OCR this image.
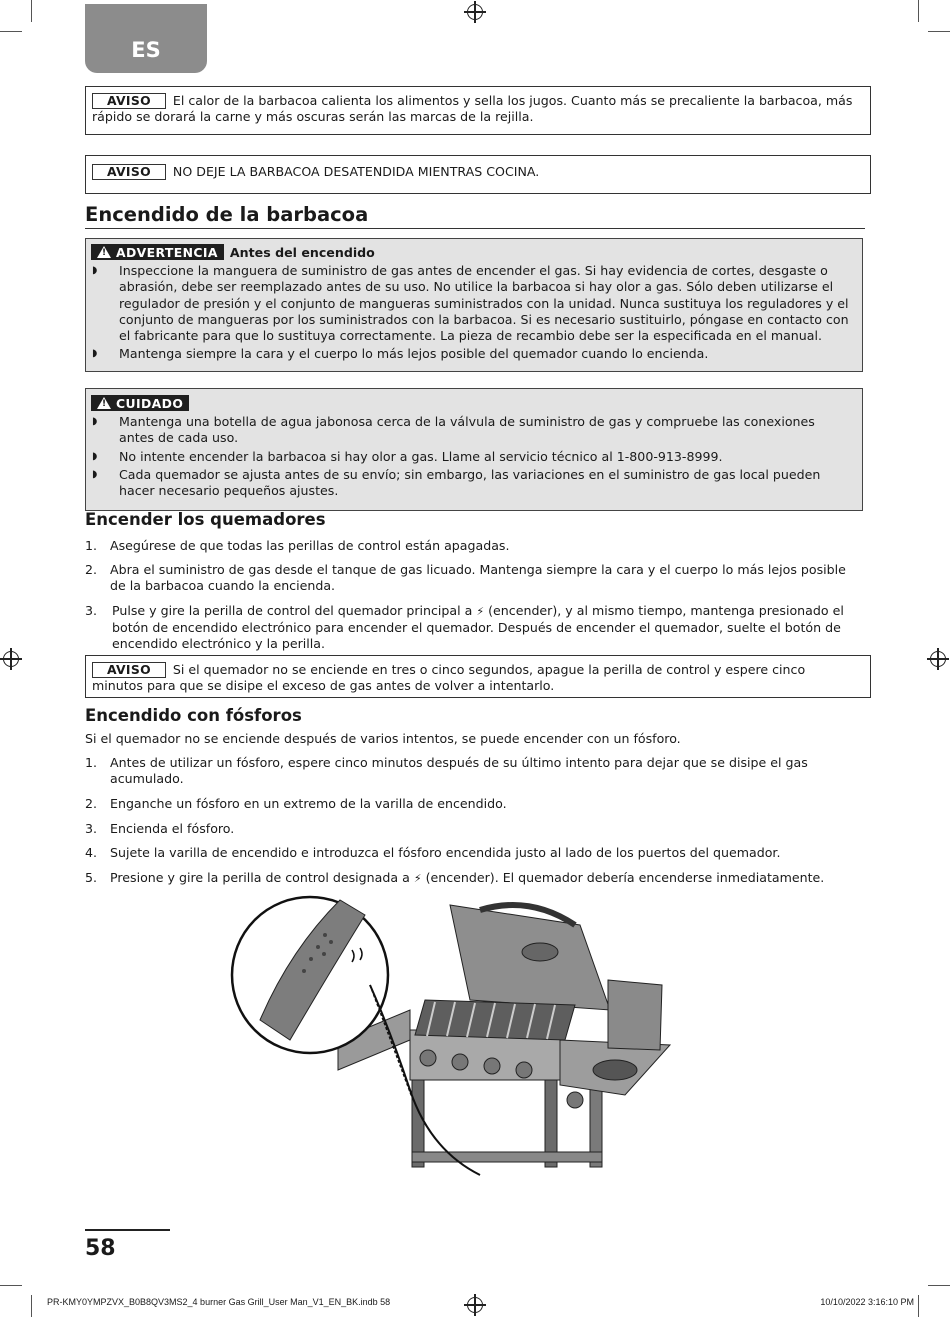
ES
AVISO El calor de la barbacoa calienta los alimentos y sella los jugos. Cuanto más se precaliente la barbacoa, más rápido se dorará la carne y más oscuras serán las marcas de la rejilla.
AVISO NO DEJE LA BARBACOA DESATENDIDA MIENTRAS COCINA.
Encendido de la barbacoa
! ADVERTENCIA Antes del encendido
◗ Inspeccione la manguera de suministro de gas antes de encender el gas. Si hay evidencia de cortes, desgaste o abrasión, debe ser reemplazado antes de su uso. No utilice la barbacoa si hay olor a gas. Sólo deben utilizarse el regulador de presión y el conjunto de mangueras suministrados con la unidad. Nunca sustituya los reguladores y el conjunto de mangueras por los suministrados con la barbacoa. Si es necesario sustituirlo, póngase en contacto con el fabricante para que lo sustituya correctamente. La pieza de recambio debe ser la especificada en el manual.
◗ Mantenga siempre la cara y el cuerpo lo más lejos posible del quemador cuando lo encienda.
! CUIDADO
◗ Mantenga una botella de agua jabonosa cerca de la válvula de suministro de gas y compruebe las conexiones antes de cada uso.
◗ No intente encender la barbacoa si hay olor a gas. Llame al servicio técnico al 1-800-913-8999.
◗ Cada quemador se ajusta antes de su envío; sin embargo, las variaciones en el suministro de gas local pueden hacer necesario pequeños ajustes.
Encender los quemadores
1. Asegúrese de que todas las perillas de control están apagadas.
2. Abra el suministro de gas desde el tanque de gas licuado. Mantenga siempre la cara y el cuerpo lo más lejos posible de la barbacoa cuando la encienda.
3. Pulse y gire la perilla de control del quemador principal a ⚡ (encender), y al mismo tiempo, mantenga presionado el botón de encendido electrónico para encender el quemador. Después de encender el quemador, suelte el botón de encendido electrónico y la perilla.
AVISO Si el quemador no se enciende en tres o cinco segundos, apague la perilla de control y espere cinco minutos para que se disipe el exceso de gas antes de volver a intentarlo.
Encendido con fósforos
Si el quemador no se enciende después de varios intentos, se puede encender con un fósforo.
1. Antes de utilizar un fósforo, espere cinco minutos después de su último intento para dejar que se disipe el gas acumulado.
2. Enganche un fósforo en un extremo de la varilla de encendido.
3. Encienda el fósforo.
4. Sujete la varilla de encendido e introduzca el fósforo encendida justo al lado de los puertos del quemador.
5. Presione y gire la perilla de control designada a ⚡ (encender). El quemador debería encenderse inmediatamente.
58
PR-KMY0YMPZVX_B0B8QV3MS2_4 burner Gas Grill_User Man_V1_EN_BK.indb 58	10/10/2022 3:16:10 PM
